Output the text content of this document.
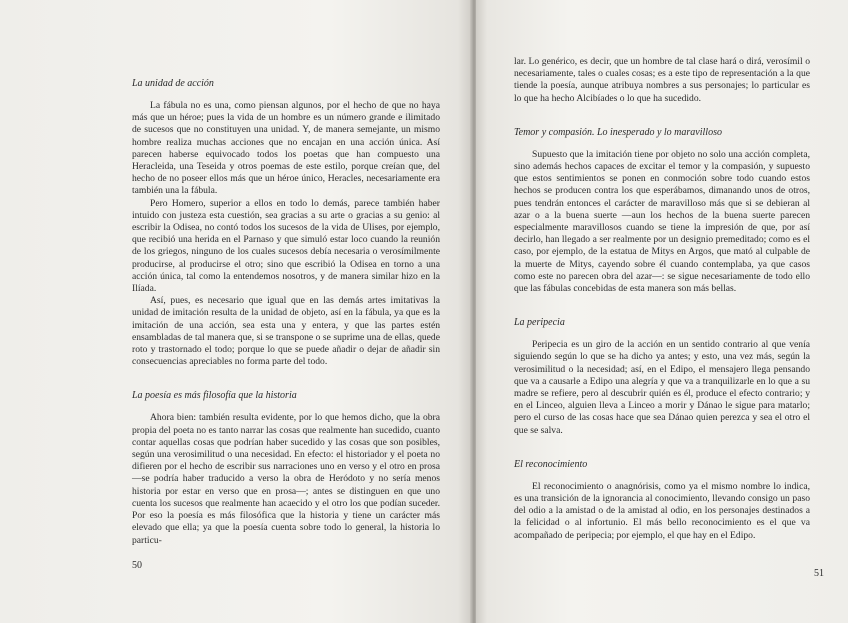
La unidad de acción

La fábula no es una, como piensan algunos, por el hecho de que no haya más que un héroe; pues la vida de un hombre es un número grande e ilimitado de sucesos que no constituyen una unidad. Y, de manera semejante, un mismo hombre realiza muchas acciones que no encajan en una acción única. Así parecen haberse equivocado todos los poetas que han compuesto una Heracleida, una Teseida y otros poemas de este estilo, porque creían que, del hecho de no poseer ellos más que un héroe único, Heracles, necesariamente era también una la fábula.

Pero Homero, superior a ellos en todo lo demás, parece también haber intuido con justeza esta cuestión, sea gracias a su arte o gracias a su genio: al escribir la Odisea, no contó todos los sucesos de la vida de Ulises, por ejemplo, que recibió una herida en el Parnaso y que simuló estar loco cuando la reunión de los griegos, ninguno de los cuales sucesos debía necesaria o verosímilmente producirse, al producirse el otro; sino que escribió la Odisea en torno a una acción única, tal como la entendemos nosotros, y de manera similar hizo en la Ilíada.

Así, pues, es necesario que igual que en las demás artes imitativas la unidad de imitación resulta de la unidad de objeto, así en la fábula, ya que es la imitación de una acción, sea esta una y entera, y que las partes estén ensambladas de tal manera que, si se transpone o se suprime una de ellas, quede roto y trastornado el todo; porque lo que se puede añadir o dejar de añadir sin consecuencias apreciables no forma parte del todo.

La poesía es más filosofía que la historia

Ahora bien: también resulta evidente, por lo que hemos dicho, que la obra propia del poeta no es tanto narrar las cosas que realmente han sucedido, cuanto contar aquellas cosas que podrían haber sucedido y las cosas que son posibles, según una verosimilitud o una necesidad. En efecto: el historiador y el poeta no difieren por el hecho de escribir sus narraciones uno en verso y el otro en prosa —se podría haber traducido a verso la obra de Heródoto y no sería menos historia por estar en verso que en prosa—; antes se distinguen en que uno cuenta los sucesos que realmente han acaecido y el otro los que podían suceder. Por eso la poesía es más filosófica que la historia y tiene un carácter más elevado que ella; ya que la poesía cuenta sobre todo lo general, la historia lo particu-

50

lar. Lo genérico, es decir, que un hombre de tal clase hará o dirá, verosímil o necesariamente, tales o cuales cosas; es a este tipo de representación a la que tiende la poesía, aunque atribuya nombres a sus personajes; lo particular es lo que ha hecho Alcibíades o lo que ha sucedido.

Temor y compasión. Lo inesperado y lo maravilloso

Supuesto que la imitación tiene por objeto no solo una acción completa, sino además hechos capaces de excitar el temor y la compasión, y supuesto que estos sentimientos se ponen en conmoción sobre todo cuando estos hechos se producen contra los que esperábamos, dimanando unos de otros, pues tendrán entonces el carácter de maravilloso más que si se debieran al azar o a la buena suerte —aun los hechos de la buena suerte parecen especialmente maravillosos cuando se tiene la impresión de que, por así decirlo, han llegado a ser realmente por un designio premeditado; como es el caso, por ejemplo, de la estatua de Mitys en Argos, que mató al culpable de la muerte de Mitys, cayendo sobre él cuando contemplaba, ya que casos como este no parecen obra del azar—: se sigue necesariamente de todo ello que las fábulas concebidas de esta manera son más bellas.

La peripecia

Peripecia es un giro de la acción en un sentido contrario al que venía siguiendo según lo que se ha dicho ya antes; y esto, una vez más, según la verosimilitud o la necesidad; así, en el Edipo, el mensajero llega pensando que va a causarle a Edipo una alegría y que va a tranquilizarle en lo que a su madre se refiere, pero al descubrir quién es él, produce el efecto contrario; y en el Linceo, alguien lleva a Linceo a morir y Dánao le sigue para matarlo; pero el curso de las cosas hace que sea Dánao quien perezca y sea el otro el que se salva.

El reconocimiento

El reconocimiento o anagnórisis, como ya el mismo nombre lo indica, es una transición de la ignorancia al conocimiento, llevando consigo un paso del odio a la amistad o de la amistad al odio, en los personajes destinados a la felicidad o al infortunio. El más bello reconocimiento es el que va acompañado de peripecia; por ejemplo, el que hay en el Edipo.

51
